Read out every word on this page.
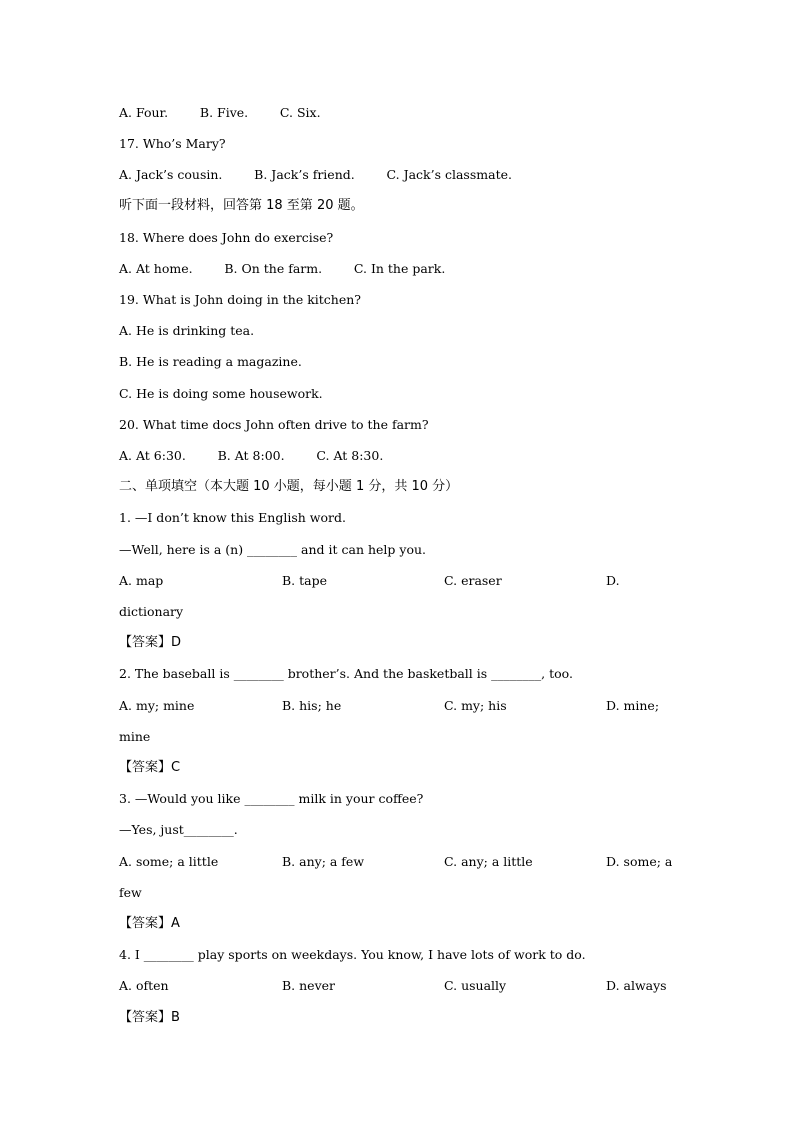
A. Four.        B. Five.        C. Six.
17. Who’s Mary?
A. Jack’s cousin.        B. Jack’s friend.        C. Jack’s classmate.
听下面一段材料，回答第 18 至第 20 题。
18. Where does John do exercise?
A. At home.        B. On the farm.        C. In the park.
19. What is John doing in the kitchen?
A. He is drinking tea.
B. He is reading a magazine.
C. He is doing some housework.
20. What time docs John often drive to the farm?
A. At 6:30.        B. At 8:00.        C. At 8:30.
二、单项填空（本大题 10 小题，每小题 1 分，共 10 分）
1. —I don’t know this English word.
—Well, here is a (n) ________ and it can help you.
A. map	B. tape	C. eraser	D.
dictionary
【答案】D
2. The baseball is ________ brother’s. And the basketball is ________, too.
A. my; mine	B. his; he	C. my; his	D. mine;
mine
【答案】C
3. —Would you like ________ milk in your coffee?
—Yes, just________.
A. some; a little	B. any; a few	C. any; a little	D. some; a
few
【答案】A
4. I ________ play sports on weekdays. You know, I have lots of work to do.
A. often	B. never	C. usually	D. always
【答案】B
